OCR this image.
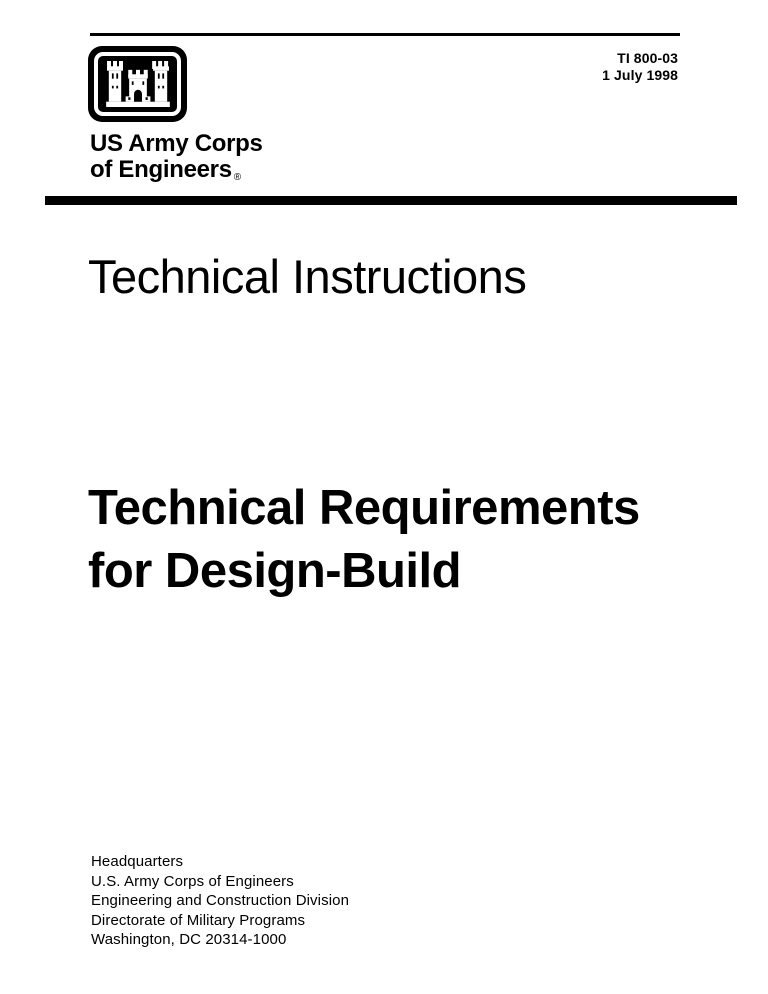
TI 800-03
1 July 1998
US Army Corps
of Engineers ®
Technical Instructions
Technical Requirements
for Design-Build
Headquarters
U.S. Army Corps of Engineers
Engineering and Construction Division
Directorate of Military Programs
Washington, DC 20314-1000
